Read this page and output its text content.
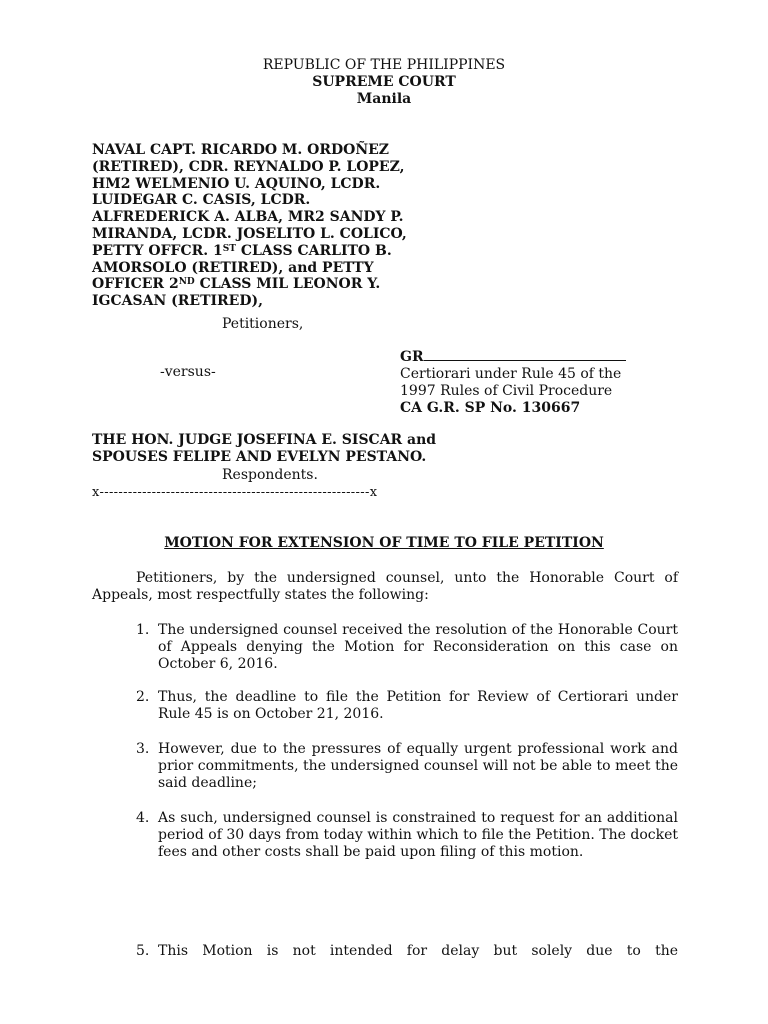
REPUBLIC OF THE PHILIPPINES
SUPREME COURT
Manila
NAVAL CAPT. RICARDO M. ORDOÑEZ
(RETIRED), CDR. REYNALDO P. LOPEZ,
HM2 WELMENIO U. AQUINO, LCDR.
LUIDEGAR C. CASIS, LCDR.
ALFREDERICK A. ALBA, MR2 SANDY P.
MIRANDA, LCDR. JOSELITO L. COLICO,
PETTY OFFCR. 1ST CLASS CARLITO B.
AMORSOLO (RETIRED), and PETTY
OFFICER 2ND CLASS MIL LEONOR Y.
IGCASAN (RETIRED),
Petitioners,
GR
Certiorari under Rule 45 of the
1997 Rules of Civil Procedure
CA G.R. SP No. 130667
-versus-
THE HON. JUDGE JOSEFINA E. SISCAR and
SPOUSES FELIPE AND EVELYN PESTANO.
Respondents.
x---------------------------------------------------------x
MOTION FOR EXTENSION OF TIME TO FILE PETITION
Petitioners, by the undersigned counsel, unto the Honorable Court of Appeals, most respectfully states the following:
1. The undersigned counsel received the resolution of the Honorable Court of Appeals denying the Motion for Reconsideration on this case on October 6, 2016.
2. Thus, the deadline to file the Petition for Review of Certiorari under Rule 45 is on October 21, 2016.
3. However, due to the pressures of equally urgent professional work and prior commitments, the undersigned counsel will not be able to meet the said deadline;
4. As such, undersigned counsel is constrained to request for an additional period of 30 days from today within which to file the Petition. The docket fees and other costs shall be paid upon filing of this motion.
5. This Motion is not intended for delay but solely due to the
